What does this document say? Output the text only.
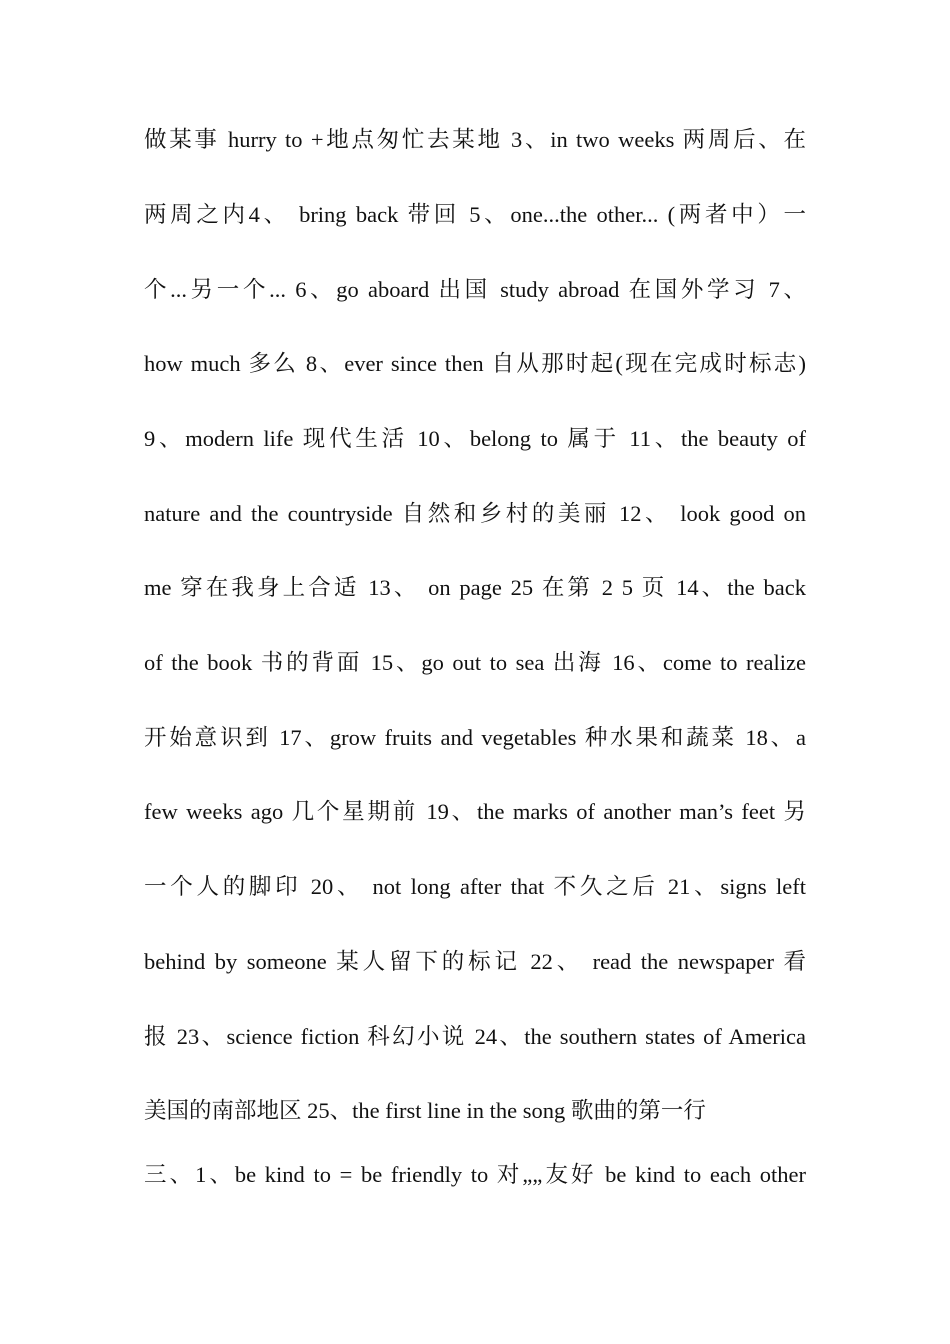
做某事 hurry to +地点匆忙去某地 3、in two weeks 两周后、在
两周之内4、 bring back 带回 5、one...the other... (两者中）一
个...另一个... 6、go aboard 出国 study abroad 在国外学习 7、
how much 多么 8、ever since then 自从那时起(现在完成时标志)
9、modern life 现代生活 10、belong to 属于 11、the beauty of
nature and the countryside 自然和乡村的美丽 12、 look good on
me 穿在我身上合适 13、 on page 25 在第 2 5 页 14、the back
of the book 书的背面 15、go out to sea 出海 16、come to realize
开始意识到 17、grow fruits and vegetables 种水果和蔬菜 18、a
few weeks ago 几个星期前 19、the marks of another man’s feet 另
一个人的脚印 20、 not long after that 不久之后 21、signs left
behind by someone 某人留下的标记 22、 read the newspaper 看
报 23、science fiction 科幻小说 24、the southern states of America
美国的南部地区 25、the first line in the song 歌曲的第一行
三、1、be kind to = be friendly to 对„„友好 be kind to each other
